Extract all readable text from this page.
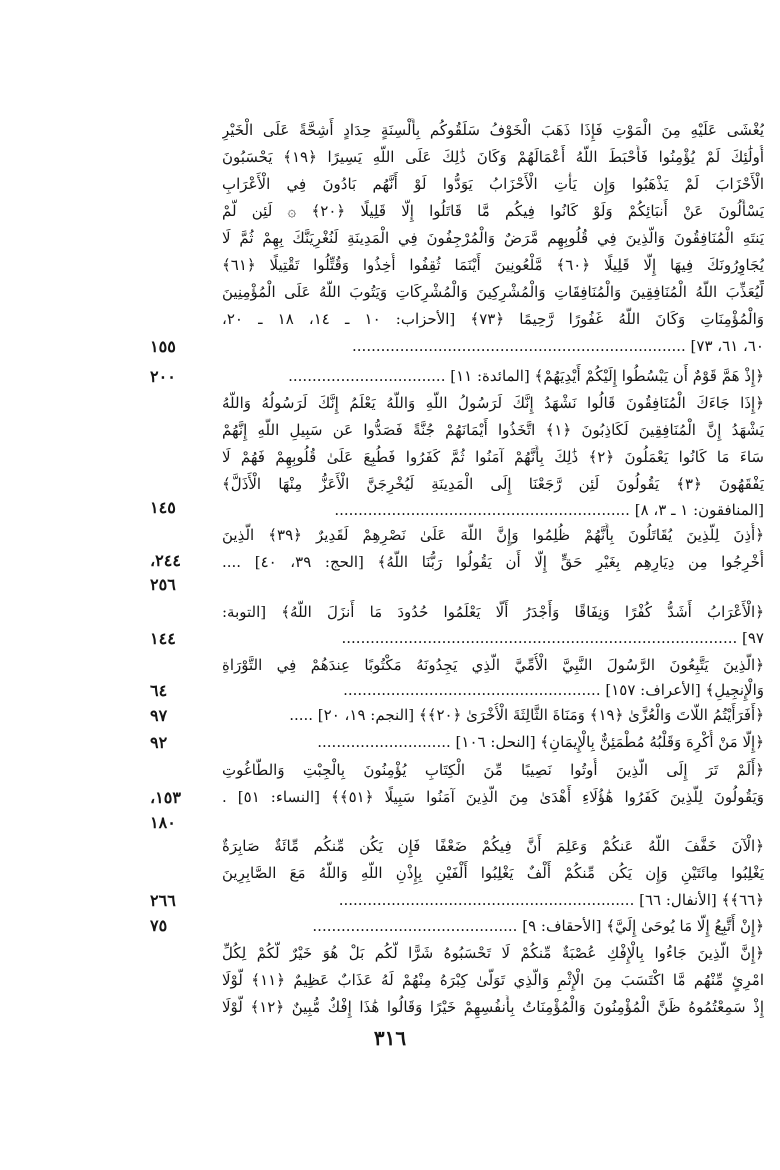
يُغْشَى عَلَيْهِ مِنَ الْمَوْتِ فَإِذَا ذَهَبَ الْخَوْفُ سَلَقُوكُم بِأَلْسِنَةٍ حِدَادٍ أَشِحَّةً عَلَى الْخَيْرِ
أُولَٰئِكَ لَمْ يُؤْمِنُوا فَأَحْبَطَ اللَّهُ أَعْمَالَهُمْ وَكَانَ ذَٰلِكَ عَلَى اللَّهِ يَسِيرًا ﴿١٩﴾ يَحْسَبُونَ
الْأَحْزَابَ لَمْ يَذْهَبُوا وَإِن يَأْتِ الْأَحْزَابُ يَوَدُّوا لَوْ أَنَّهُم بَادُونَ فِي الْأَعْرَابِ
يَسْأَلُونَ عَنْ أَنبَائِكُمْ وَلَوْ كَانُوا فِيكُم مَّا قَاتَلُوا إِلَّا قَلِيلًا ﴿٢٠﴾ ۞ لَئِن لَّمْ
يَنتَهِ الْمُنَافِقُونَ وَالَّذِينَ فِي قُلُوبِهِم مَّرَضٌ وَالْمُرْجِفُونَ فِي الْمَدِينَةِ لَنُغْرِيَنَّكَ بِهِمْ ثُمَّ لَا
يُجَاوِرُونَكَ فِيهَا إِلَّا قَلِيلًا ﴿٦٠﴾ مَّلْعُونِينَ أَيْنَمَا ثُقِفُوا أُخِذُوا وَقُتِّلُوا تَقْتِيلًا ﴿٦١﴾
لِّيُعَذِّبَ اللَّهُ الْمُنَافِقِينَ وَالْمُنَافِقَاتِ وَالْمُشْرِكِينَ وَالْمُشْرِكَاتِ وَيَتُوبَ اللَّهُ عَلَى الْمُؤْمِنِينَ
وَالْمُؤْمِنَاتِ وَكَانَ اللَّهُ غَفُورًا رَّحِيمًا ﴿٧٣﴾ [الأحزاب: ١٠ ـ ١٤، ١٨ ـ ٢٠،
٦٠، ٦١، ٧٣] ......................................................................
﴿إِذْ هَمَّ قَوْمٌ أَن يَبْسُطُوا إِلَيْكُمْ أَيْدِيَهُمْ﴾ [المائدة: ١١] .................................
﴿إِذَا جَاءَكَ الْمُنَافِقُونَ قَالُوا نَشْهَدُ إِنَّكَ لَرَسُولُ اللَّهِ وَاللَّهُ يَعْلَمُ إِنَّكَ لَرَسُولُهُ وَاللَّهُ
يَشْهَدُ إِنَّ الْمُنَافِقِينَ لَكَاذِبُونَ ﴿١﴾ اتَّخَذُوا أَيْمَانَهُمْ جُنَّةً فَصَدُّوا عَن سَبِيلِ اللَّهِ إِنَّهُمْ
سَاءَ مَا كَانُوا يَعْمَلُونَ ﴿٢﴾ ذَٰلِكَ بِأَنَّهُمْ آمَنُوا ثُمَّ كَفَرُوا فَطُبِعَ عَلَىٰ قُلُوبِهِمْ فَهُمْ لَا
يَفْقَهُونَ ﴿٣﴾ يَقُولُونَ لَئِن رَّجَعْنَا إِلَى الْمَدِينَةِ لَيُخْرِجَنَّ الْأَعَزُّ مِنْهَا الْأَذَلَّ﴾
[المنافقون: ١ ـ ٣، ٨] ..............................................................
﴿أُذِنَ لِلَّذِينَ يُقَاتَلُونَ بِأَنَّهُمْ ظُلِمُوا وَإِنَّ اللَّهَ عَلَىٰ نَصْرِهِمْ لَقَدِيرٌ ﴿٣٩﴾ الَّذِينَ
أُخْرِجُوا مِن دِيَارِهِم بِغَيْرِ حَقٍّ إِلَّا أَن يَقُولُوا رَبُّنَا اللَّهُ﴾ [الحج: ٣٩، ٤٠] ....
﴿الْأَعْرَابُ أَشَدُّ كُفْرًا وَنِفَاقًا وَأَجْدَرُ أَلَّا يَعْلَمُوا حُدُودَ مَا أَنزَلَ اللَّهُ﴾ [التوبة:
٩٧] ...................................................................................
﴿الَّذِينَ يَتَّبِعُونَ الرَّسُولَ النَّبِيَّ الْأُمِّيَّ الَّذِي يَجِدُونَهُ مَكْتُوبًا عِندَهُمْ فِي التَّوْرَاةِ
وَالْإِنجِيلِ﴾ [الأعراف: ١٥٧] ......................................................
﴿أَفَرَأَيْتُمُ اللَّاتَ وَالْعُزَّىٰ ﴿١٩﴾ وَمَنَاةَ الثَّالِثَةَ الْأُخْرَىٰ ﴿٢٠﴾﴾ [النجم: ١٩، ٢٠] .....
﴿إِلَّا مَنْ أُكْرِهَ وَقَلْبُهُ مُطْمَئِنٌّ بِالْإِيمَانِ﴾ [النحل: ١٠٦] ............................
﴿أَلَمْ تَرَ إِلَى الَّذِينَ أُوتُوا نَصِيبًا مِّنَ الْكِتَابِ يُؤْمِنُونَ بِالْجِبْتِ وَالطَّاغُوتِ
وَيَقُولُونَ لِلَّذِينَ كَفَرُوا هَٰؤُلَاءِ أَهْدَىٰ مِنَ الَّذِينَ آمَنُوا سَبِيلًا ﴿٥١﴾﴾ [النساء: ٥١] .
﴿الْآنَ خَفَّفَ اللَّهُ عَنكُمْ وَعَلِمَ أَنَّ فِيكُمْ ضَعْفًا فَإِن يَكُن مِّنكُم مِّائَةٌ صَابِرَةٌ
يَغْلِبُوا مِائَتَيْنِ وَإِن يَكُن مِّنكُمْ أَلْفٌ يَغْلِبُوا أَلْفَيْنِ بِإِذْنِ اللَّهِ وَاللَّهُ مَعَ الصَّابِرِينَ
﴿٦٦﴾﴾ [الأنفال: ٦٦] ..............................................................
﴿إِنْ أَتَّبِعُ إِلَّا مَا يُوحَىٰ إِلَيَّ﴾ [الأحقاف: ٩] ...........................................
﴿إِنَّ الَّذِينَ جَاءُوا بِالْإِفْكِ عُصْبَةٌ مِّنكُمْ لَا تَحْسَبُوهُ شَرًّا لَّكُم بَلْ هُوَ خَيْرٌ لَّكُمْ لِكُلِّ
امْرِئٍ مِّنْهُم مَّا اكْتَسَبَ مِنَ الْإِثْمِ وَالَّذِي تَوَلَّىٰ كِبْرَهُ مِنْهُمْ لَهُ عَذَابٌ عَظِيمٌ ﴿١١﴾ لَّوْلَا
إِذْ سَمِعْتُمُوهُ ظَنَّ الْمُؤْمِنُونَ وَالْمُؤْمِنَاتُ بِأَنفُسِهِمْ خَيْرًا وَقَالُوا هَٰذَا إِفْكٌ مُّبِينٌ ﴿١٢﴾ لَّوْلَا
١٥٥
٢٠٠
١٤٥
٢٤٤،
٢٥٦
١٤٤
٦٤
٩٧
٩٢
١٥٣،
١٨٠
٢٦٦
٧٥
٣١٦
